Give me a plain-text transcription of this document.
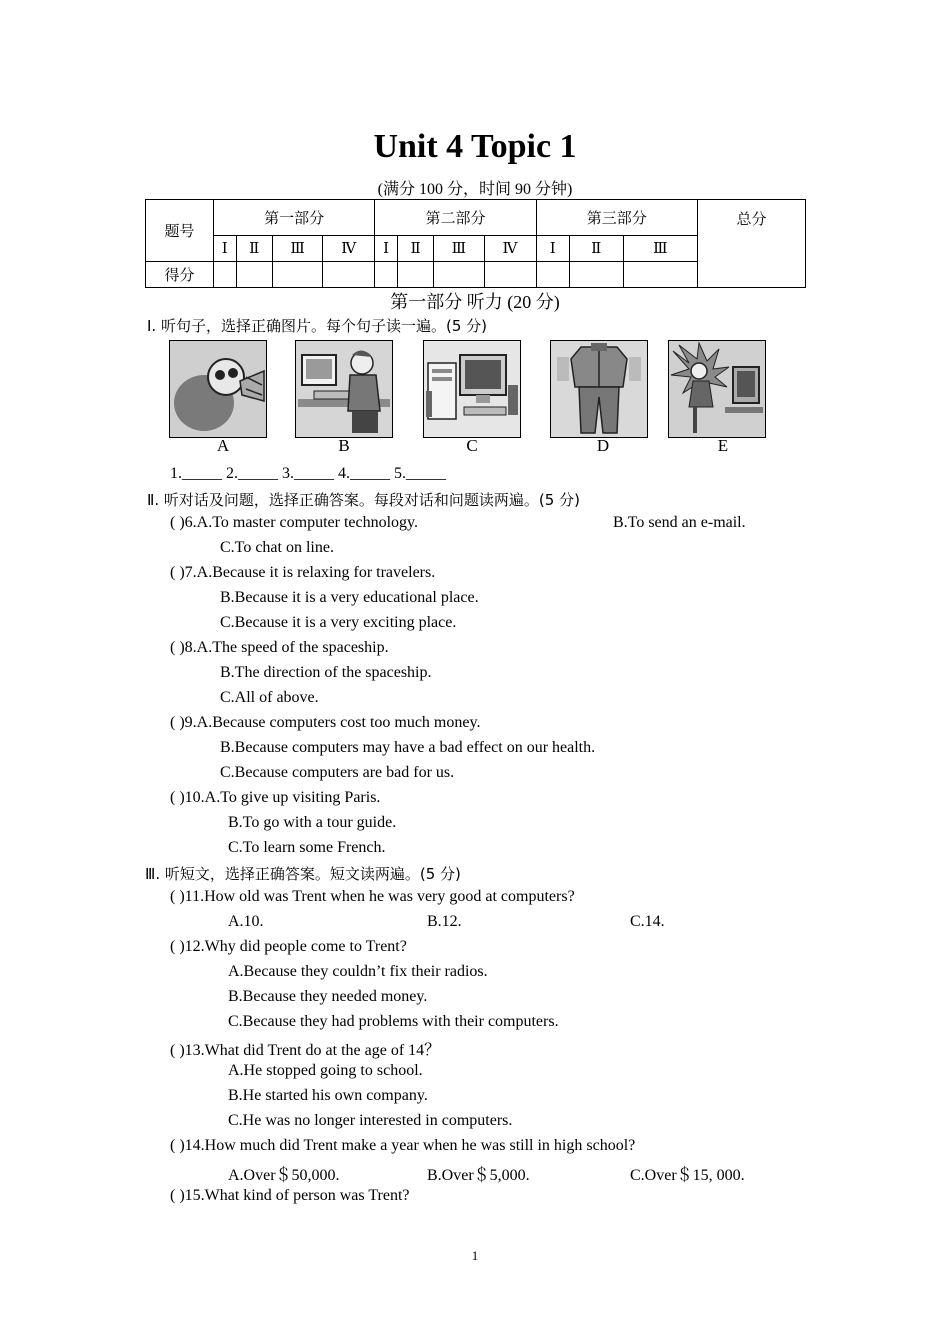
Unit 4 Topic 1
(满分 100 分，时间 90 分钟)
题号	第一部分				第二部分				第三部分			总分
	Ⅰ	Ⅱ	Ⅲ	Ⅳ	Ⅰ	Ⅱ	Ⅲ	Ⅳ	Ⅰ	Ⅱ	Ⅲ	
得分												
第一部分 听力 (20 分)
Ⅰ. 听句子，选择正确图片。每个句子读一遍。(5 分)
A	B	C	D	E
1._____ 2._____ 3._____ 4._____ 5._____
Ⅱ. 听对话及问题，选择正确答案。每段对话和问题读两遍。(5 分)
( )6.A.To master computer technology.	B.To send an e-mail.
C.To chat on line.
( )7.A.Because it is relaxing for travelers.
B.Because it is a very educational place.
C.Because it is a very exciting place.
( )8.A.The speed of the spaceship.
B.The direction of the spaceship.
C.All of above.
( )9.A.Because computers cost too much money.
B.Because computers may have a bad effect on our health.
C.Because computers are bad for us.
( )10.A.To give up visiting Paris.
B.To go with a tour guide.
C.To learn some French.
Ⅲ. 听短文，选择正确答案。短文读两遍。(5 分)
( )11.How old was Trent when he was very good at computers?
A.10.	B.12.	C.14.
( )12.Why did people come to Trent?
A.Because they couldn’t fix their radios.
B.Because they needed money.
C.Because they had problems with their computers.
( )13.What did Trent do at the age of 14？
A.He stopped going to school.
B.He started his own company.
C.He was no longer interested in computers.
( )14.How much did Trent make a year when he was still in high school?
A.Over＄50,000.	B.Over＄5,000.	C.Over＄15, 000.
( )15.What kind of person was Trent?
1
